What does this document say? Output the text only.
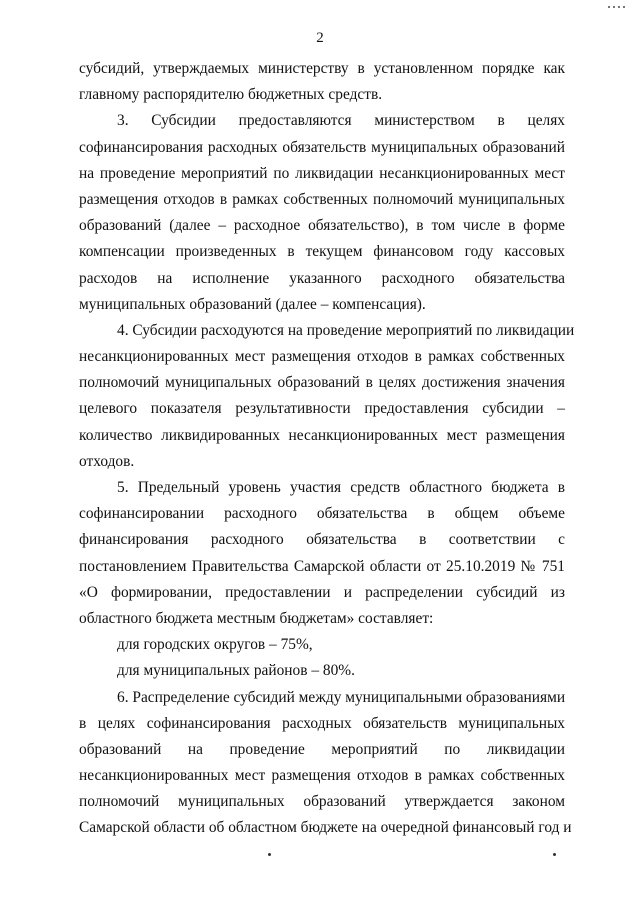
2
субсидий, утверждаемых министерству в установленном порядке как
главному распорядителю бюджетных средств.
3. Субсидии предоставляются министерством в целях
софинансирования расходных обязательств муниципальных образований
на проведение мероприятий по ликвидации несанкционированных мест
размещения отходов в рамках собственных полномочий муниципальных
образований (далее – расходное обязательство), в том числе в форме
компенсации произведенных в текущем финансовом году кассовых
расходов на исполнение указанного расходного обязательства
муниципальных образований (далее – компенсация).
4. Субсидии расходуются на проведение мероприятий по ликвидации
несанкционированных мест размещения отходов в рамках собственных
полномочий муниципальных образований в целях достижения значения
целевого показателя результативности предоставления субсидии –
количество ликвидированных несанкционированных мест размещения
отходов.
5. Предельный уровень участия средств областного бюджета в
софинансировании расходного обязательства в общем объеме
финансирования расходного обязательства в соответствии с
постановлением Правительства Самарской области от 25.10.2019 № 751
«О формировании, предоставлении и распределении субсидий из
областного бюджета местным бюджетам» составляет:
для городских округов – 75%,
для муниципальных районов – 80%.
6. Распределение субсидий между муниципальными образованиями
в целях софинансирования расходных обязательств муниципальных
образований на проведение мероприятий по ликвидации
несанкционированных мест размещения отходов в рамках собственных
полномочий муниципальных образований утверждается законом
Самарской области об областном бюджете на очередной финансовый год и
